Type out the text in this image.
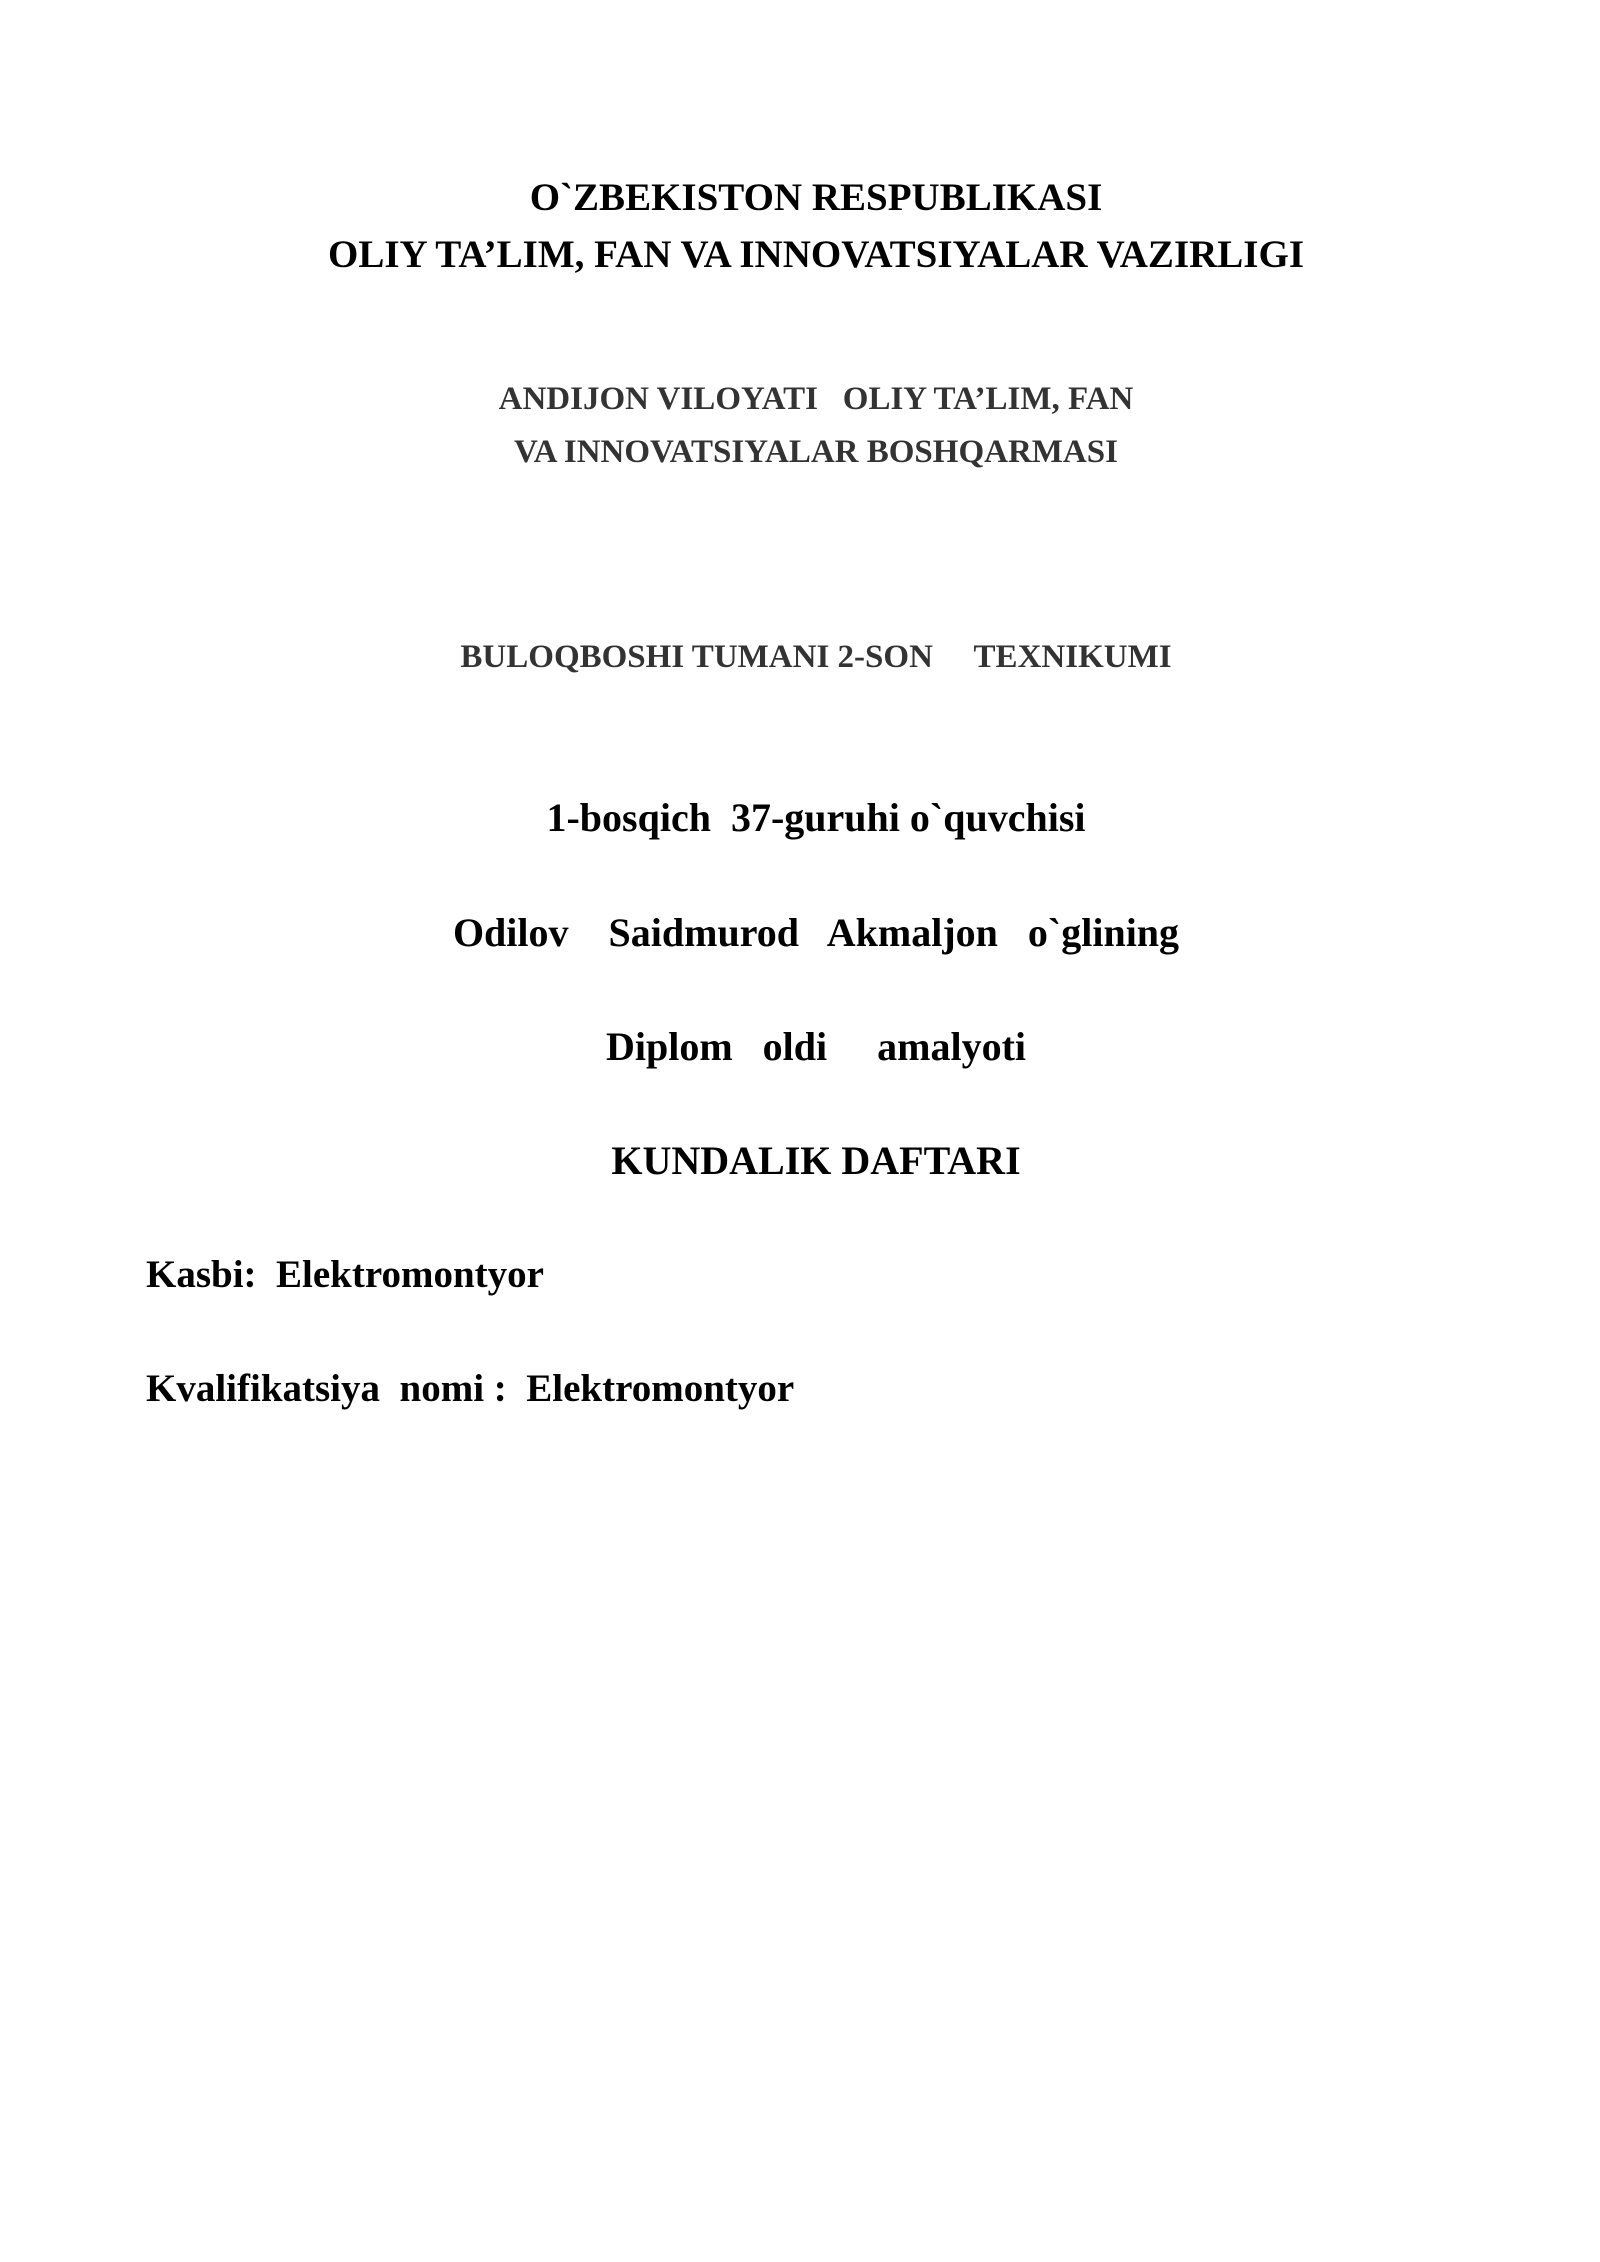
O`ZBEKISTON RESPUBLIKASI

OLIY TA’LIM, FAN VA INNOVATSIYALAR VAZIRLIGI

ANDIJON VILOYATI   OLIY TA’LIM, FAN

VA INNOVATSIYALAR BOSHQARMASI

BULOQBOSHI TUMANI 2-SON     TEXNIKUMI

1-bosqich  37-guruhi o`quvchisi

Odilov    Saidmurod   Akmaljon   o`glining

Diplom   oldi     amalyoti

KUNDALIK DAFTARI

Kasbi:  Elektromontyor

Kvalifikatsiya  nomi :  Elektromontyor
